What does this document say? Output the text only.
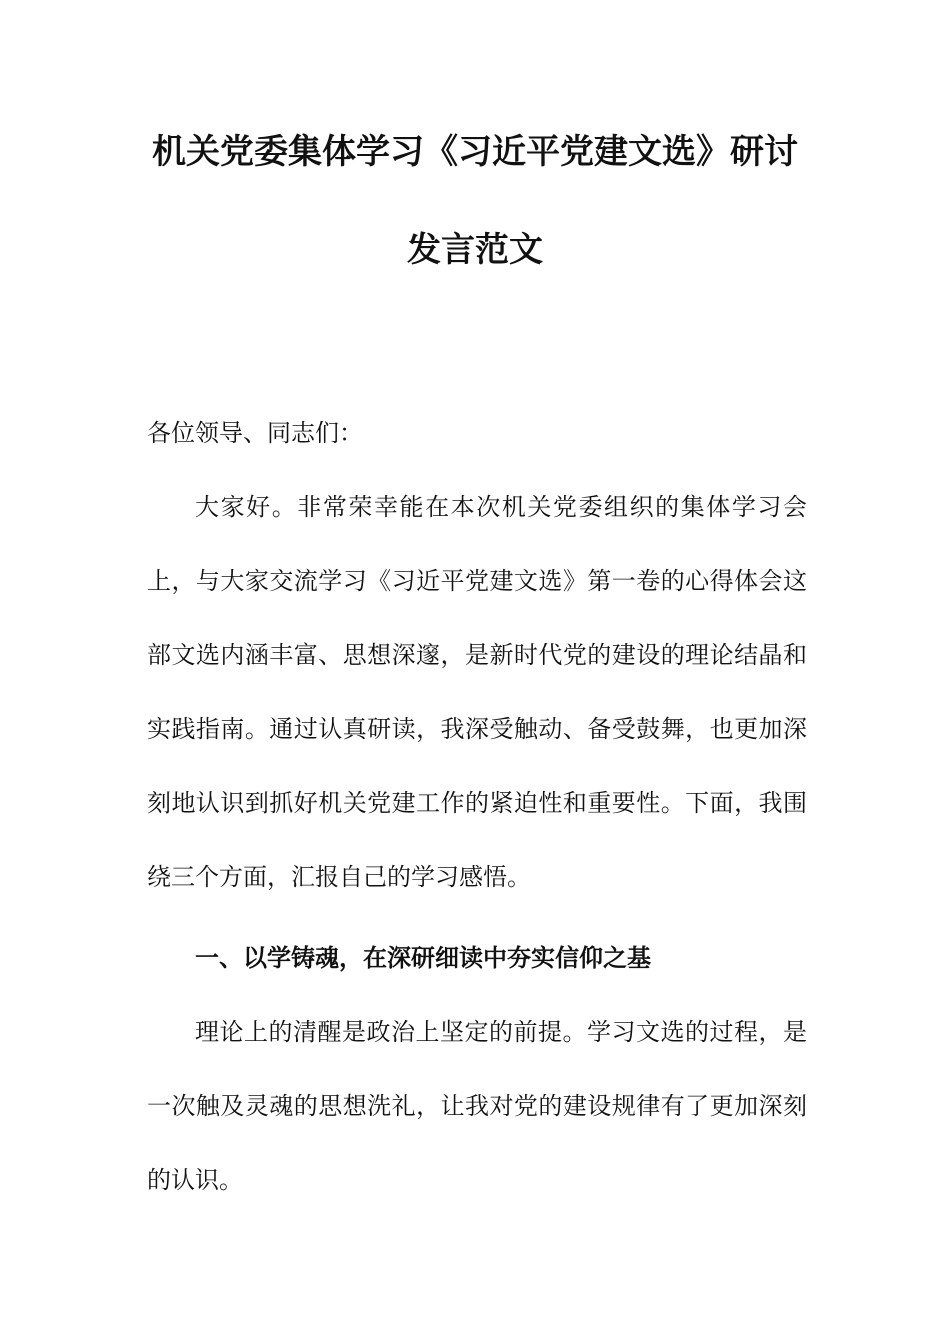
机关党委集体学习《习近平党建文选》研讨
发言范文

各位领导、同志们：

大家好。非常荣幸能在本次机关党委组织的集体学习会上，与大家交流学习《习近平党建文选》第一卷的心得体会这部文选内涵丰富、思想深邃，是新时代党的建设的理论结晶和实践指南。通过认真研读，我深受触动、备受鼓舞，也更加深刻地认识到抓好机关党建工作的紧迫性和重要性。下面，我围绕三个方面，汇报自己的学习感悟。

一、以学铸魂，在深研细读中夯实信仰之基

理论上的清醒是政治上坚定的前提。学习文选的过程，是一次触及灵魂的思想洗礼，让我对党的建设规律有了更加深刻的认识。
